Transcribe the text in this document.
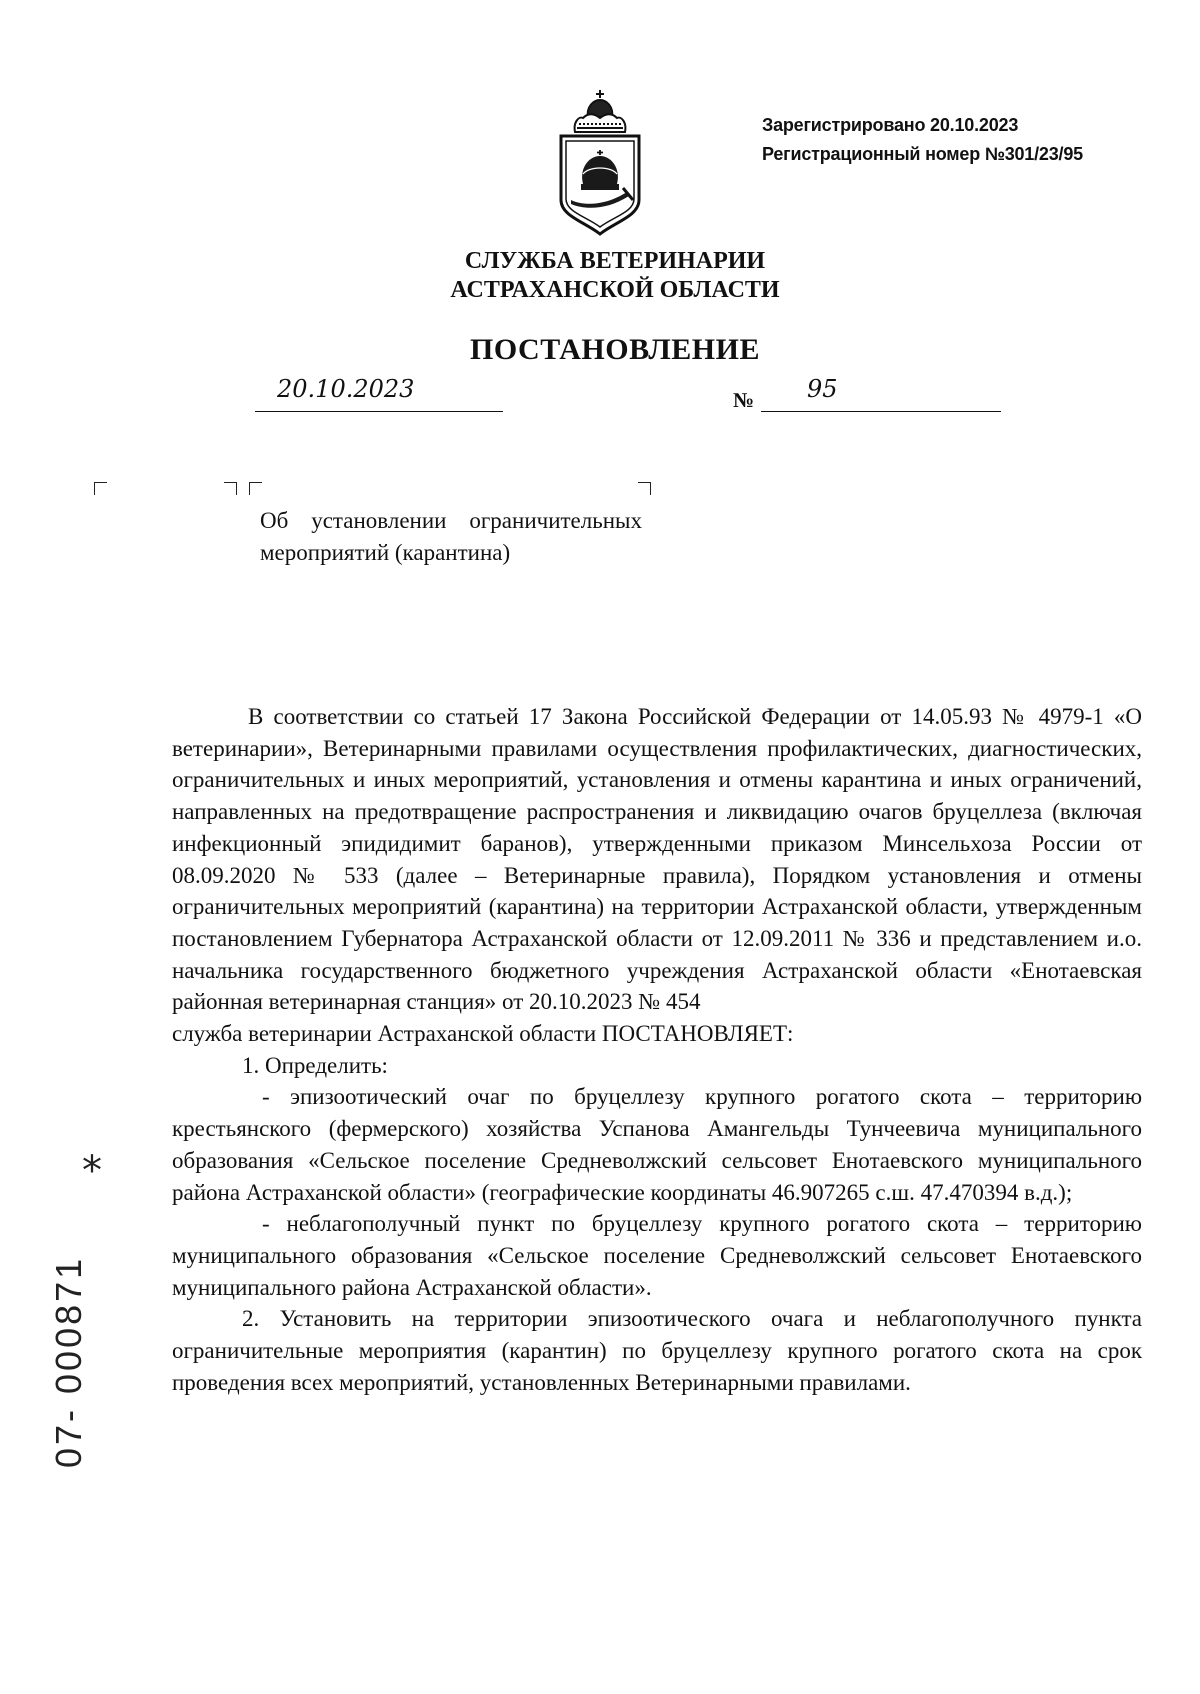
Зарегистрировано 20.10.2023
Регистрационный номер №301/23/95
СЛУЖБА ВЕТЕРИНАРИИ
АСТРАХАНСКОЙ ОБЛАСТИ
ПОСТАНОВЛЕНИЕ
20.10.2023	№ 95
Об установлении ограничительных мероприятий (карантина)

В соответствии со статьей 17 Закона Российской Федерации от 14.05.93 № 4979-1 «О ветеринарии», Ветеринарными правилами осуществления профилактических, диагностических, ограничительных и иных мероприятий, установления и отмены карантина и иных ограничений, направленных на предотвращение распространения и ликвидацию очагов бруцеллеза (включая инфекционный эпидидимит баранов), утвержденными приказом Минсельхоза России от 08.09.2020 № 533 (далее – Ветеринарные правила), Порядком установления и отмены ограничительных мероприятий (карантина) на территории Астраханской области, утвержденным постановлением Губернатора Астраханской области от 12.09.2011 № 336 и представлением и.о. начальника государственного бюджетного учреждения Астраханской области «Енотаевская районная ветеринарная станция» от 20.10.2023 № 454

служба ветеринарии Астраханской области ПОСТАНОВЛЯЕТ:

1. Определить:

- эпизоотический очаг по бруцеллезу крупного рогатого скота – территорию крестьянского (фермерского) хозяйства Успанова Амангельды Тунчеевича муниципального образования «Сельское поселение Средневолжский сельсовет Енотаевского муниципального района Астраханской области» (географические координаты 46.907265 с.ш. 47.470394 в.д.);

- неблагополучный пункт по бруцеллезу крупного рогатого скота – территорию муниципального образования «Сельское поселение Средневолжский сельсовет Енотаевского муниципального района Астраханской области».

2. Установить на территории эпизоотического очага и неблагополучного пункта ограничительные мероприятия (карантин) по бруцеллезу крупного рогатого скота на срок проведения всех мероприятий, установленных Ветеринарными правилами.

*
07- 000871
